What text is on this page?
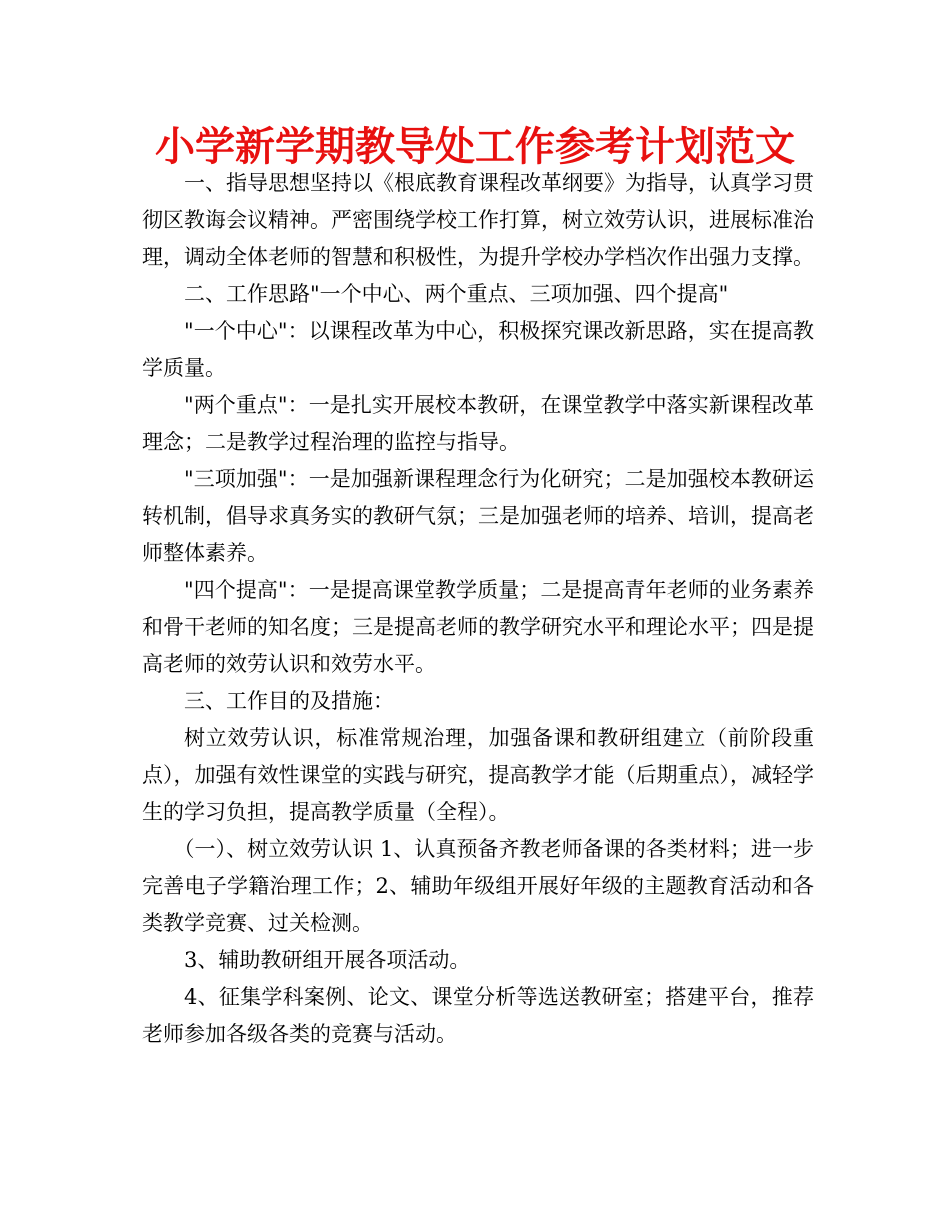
小学新学期教导处工作参考计划范文

一、指导思想坚持以《根底教育课程改革纲要》为指导，认真学习贯彻区教诲会议精神。严密围绕学校工作打算，树立效劳认识，进展标准治理，调动全体老师的智慧和积极性，为提升学校办学档次作出强力支撑。

二、工作思路"一个中心、两个重点、三项加强、四个提高"

"一个中心"：以课程改革为中心，积极探究课改新思路，实在提高教学质量。

"两个重点"：一是扎实开展校本教研，在课堂教学中落实新课程改革理念；二是教学过程治理的监控与指导。

"三项加强"：一是加强新课程理念行为化研究；二是加强校本教研运转机制，倡导求真务实的教研气氛；三是加强老师的培养、培训，提高老师整体素养。

"四个提高"：一是提高课堂教学质量；二是提高青年老师的业务素养和骨干老师的知名度；三是提高老师的教学研究水平和理论水平；四是提高老师的效劳认识和效劳水平。

三、工作目的及措施：

树立效劳认识，标准常规治理，加强备课和教研组建立（前阶段重点），加强有效性课堂的实践与研究，提高教学才能（后期重点），减轻学生的学习负担，提高教学质量（全程）。

（一）、树立效劳认识 1、认真预备齐教老师备课的各类材料；进一步完善电子学籍治理工作；2、辅助年级组开展好年级的主题教育活动和各类教学竞赛、过关检测。

3、辅助教研组开展各项活动。

4、征集学科案例、论文、课堂分析等选送教研室；搭建平台，推荐老师参加各级各类的竞赛与活动。
